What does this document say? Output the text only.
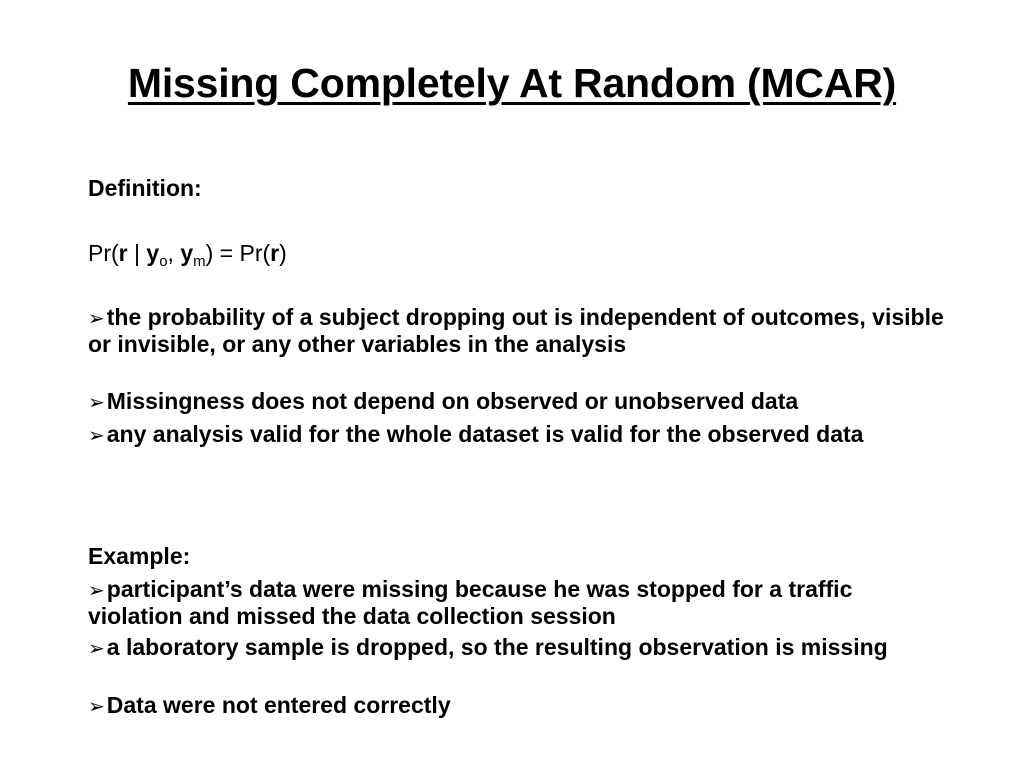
Missing Completely At Random (MCAR)
Definition:
Pr(r | $y_o$, $y_m) = Pr(r)$

➢the probability of a subject dropping out is independent of outcomes, visible or invisible, or any other variables in the analysis

➢Missingness does not depend on observed or unobserved data

➢any analysis valid for the whole dataset is valid for the observed data

Example:

➢participant’s data were missing because he was stopped for a traffic violation and missed the data collection session

➢a laboratory sample is dropped, so the resulting observation is missing

➢Data were not entered correctly
